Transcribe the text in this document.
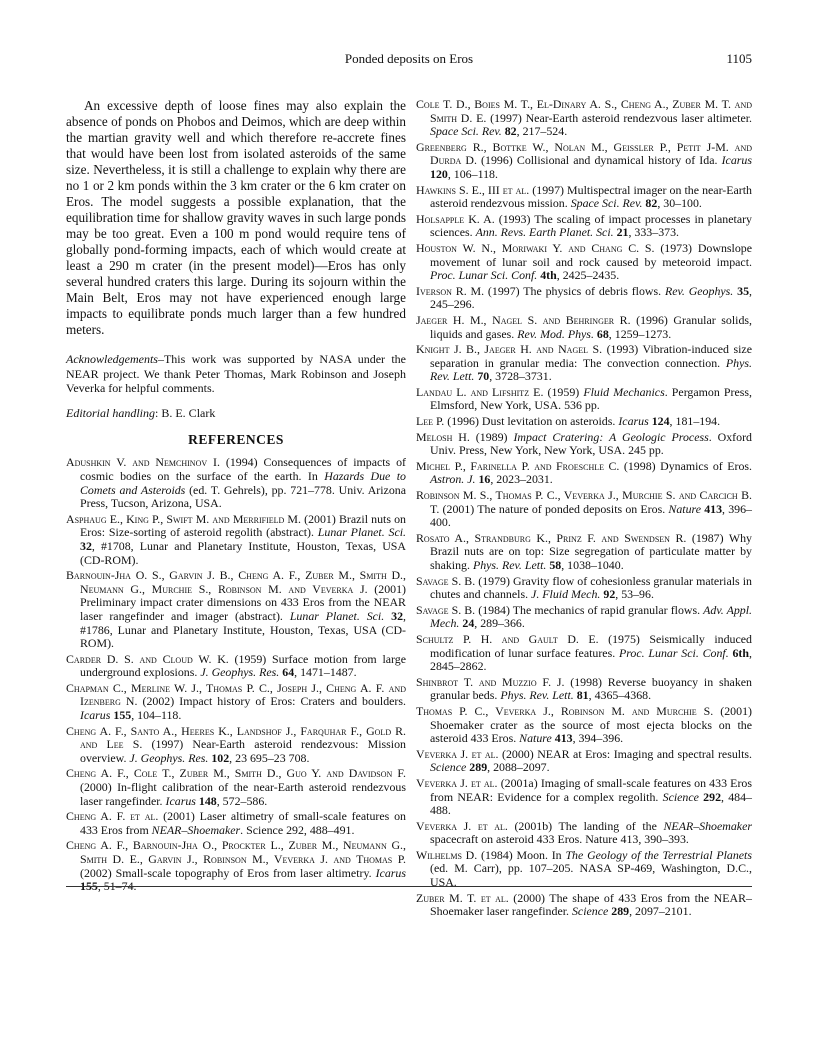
Ponded deposits on Eros	1105

An excessive depth of loose fines may also explain the absence of ponds on Phobos and Deimos, which are deep within the martian gravity well and which therefore re-accrete fines that would have been lost from isolated asteroids of the same size. Nevertheless, it is still a challenge to explain why there are no 1 or 2 km ponds within the 3 km crater or the 6 km crater on Eros. The model suggests a possible explanation, that the equilibration time for shallow gravity waves in such large ponds may be too great. Even a 100 m pond would require tens of globally pond-forming impacts, each of which would create at least a 290 m crater (in the present model)—Eros has only several hundred craters this large. During its sojourn within the Main Belt, Eros may not have experienced enough large impacts to equilibrate ponds much larger than a few hundred meters.

Acknowledgements–This work was supported by NASA under the NEAR project. We thank Peter Thomas, Mark Robinson and Joseph Veverka for helpful comments.

Editorial handling: B. E. Clark

REFERENCES
Adushkin V. and Nemchinov I. (1994) Consequences of impacts of cosmic bodies on the surface of the earth. In Hazards Due to Comets and Asteroids (ed. T. Gehrels), pp. 721–778. Univ. Arizona Press, Tucson, Arizona, USA.
Asphaug E., King P., Swift M. and Merrifield M. (2001) Brazil nuts on Eros: Size-sorting of asteroid regolith (abstract). Lunar Planet. Sci. 32, #1708, Lunar and Planetary Institute, Houston, Texas, USA (CD-ROM).
Barnouin-Jha O. S., Garvin J. B., Cheng A. F., Zuber M., Smith D., Neumann G., Murchie S., Robinson M. and Veverka J. (2001) Preliminary impact crater dimensions on 433 Eros from the NEAR laser rangefinder and imager (abstract). Lunar Planet. Sci. 32, #1786, Lunar and Planetary Institute, Houston, Texas, USA (CD-ROM).
Carder D. S. and Cloud W. K. (1959) Surface motion from large underground explosions. J. Geophys. Res. 64, 1471–1487.
Chapman C., Merline W. J., Thomas P. C., Joseph J., Cheng A. F. and Izenberg N. (2002) Impact history of Eros: Craters and boulders. Icarus 155, 104–118.
Cheng A. F., Santo A., Heeres K., Landshof J., Farquhar F., Gold R. and Lee S. (1997) Near-Earth asteroid rendezvous: Mission overview. J. Geophys. Res. 102, 23 695–23 708.
Cheng A. F., Cole T., Zuber M., Smith D., Guo Y. and Davidson F. (2000) In-flight calibration of the near-Earth asteroid rendezvous laser rangefinder. Icarus 148, 572–586.
Cheng A. F. et al. (2001) Laser altimetry of small-scale features on 433 Eros from NEAR–Shoemaker. Science 292, 488–491.
Cheng A. F., Barnouin-Jha O., Prockter L., Zuber M., Neumann G., Smith D. E., Garvin J., Robinson M., Veverka J. and Thomas P. (2002) Small-scale topography of Eros from laser altimetry. Icarus 155, 51–74.
Cole T. D., Boies M. T., El-Dinary A. S., Cheng A., Zuber M. T. and Smith D. E. (1997) Near-Earth asteroid rendezvous laser altimeter. Space Sci. Rev. 82, 217–524.
Greenberg R., Bottke W., Nolan M., Geissler P., Petit J-M. and Durda D. (1996) Collisional and dynamical history of Ida. Icarus 120, 106–118.
Hawkins S. E., III et al. (1997) Multispectral imager on the near-Earth asteroid rendezvous mission. Space Sci. Rev. 82, 30–100.
Holsapple K. A. (1993) The scaling of impact processes in planetary sciences. Ann. Revs. Earth Planet. Sci. 21, 333–373.
Houston W. N., Moriwaki Y. and Chang C. S. (1973) Downslope movement of lunar soil and rock caused by meteoroid impact. Proc. Lunar Sci. Conf. 4th, 2425–2435.
Iverson R. M. (1997) The physics of debris flows. Rev. Geophys. 35, 245–296.
Jaeger H. M., Nagel S. and Behringer R. (1996) Granular solids, liquids and gases. Rev. Mod. Phys. 68, 1259–1273.
Knight J. B., Jaeger H. and Nagel S. (1993) Vibration-induced size separation in granular media: The convection connection. Phys. Rev. Lett. 70, 3728–3731.
Landau L. and Lifshitz E. (1959) Fluid Mechanics. Pergamon Press, Elmsford, New York, USA. 536 pp.
Lee P. (1996) Dust levitation on asteroids. Icarus 124, 181–194.
Melosh H. (1989) Impact Cratering: A Geologic Process. Oxford Univ. Press, New York, New York, USA. 245 pp.
Michel P., Farinella P. and Froeschle C. (1998) Dynamics of Eros. Astron. J. 16, 2023–2031.
Robinson M. S., Thomas P. C., Veverka J., Murchie S. and Carcich B. T. (2001) The nature of ponded deposits on Eros. Nature 413, 396–400.
Rosato A., Strandburg K., Prinz F. and Swendsen R. (1987) Why Brazil nuts are on top: Size segregation of particulate matter by shaking. Phys. Rev. Lett. 58, 1038–1040.
Savage S. B. (1979) Gravity flow of cohesionless granular materials in chutes and channels. J. Fluid Mech. 92, 53–96.
Savage S. B. (1984) The mechanics of rapid granular flows. Adv. Appl. Mech. 24, 289–366.
Schultz P. H. and Gault D. E. (1975) Seismically induced modification of lunar surface features. Proc. Lunar Sci. Conf. 6th, 2845–2862.
Shinbrot T. and Muzzio F. J. (1998) Reverse buoyancy in shaken granular beds. Phys. Rev. Lett. 81, 4365–4368.
Thomas P. C., Veverka J., Robinson M. and Murchie S. (2001) Shoemaker crater as the source of most ejecta blocks on the asteroid 433 Eros. Nature 413, 394–396.
Veverka J. et al. (2000) NEAR at Eros: Imaging and spectral results. Science 289, 2088–2097.
Veverka J. et al. (2001a) Imaging of small-scale features on 433 Eros from NEAR: Evidence for a complex regolith. Science 292, 484–488.
Veverka J. et al. (2001b) The landing of the NEAR–Shoemaker spacecraft on asteroid 433 Eros. Nature 413, 390–393.
Wilhelms D. (1984) Moon. In The Geology of the Terrestrial Planets (ed. M. Carr), pp. 107–205. NASA SP-469, Washington, D.C., USA.
Zuber M. T. et al. (2000) The shape of 433 Eros from the NEAR–Shoemaker laser rangefinder. Science 289, 2097–2101.
